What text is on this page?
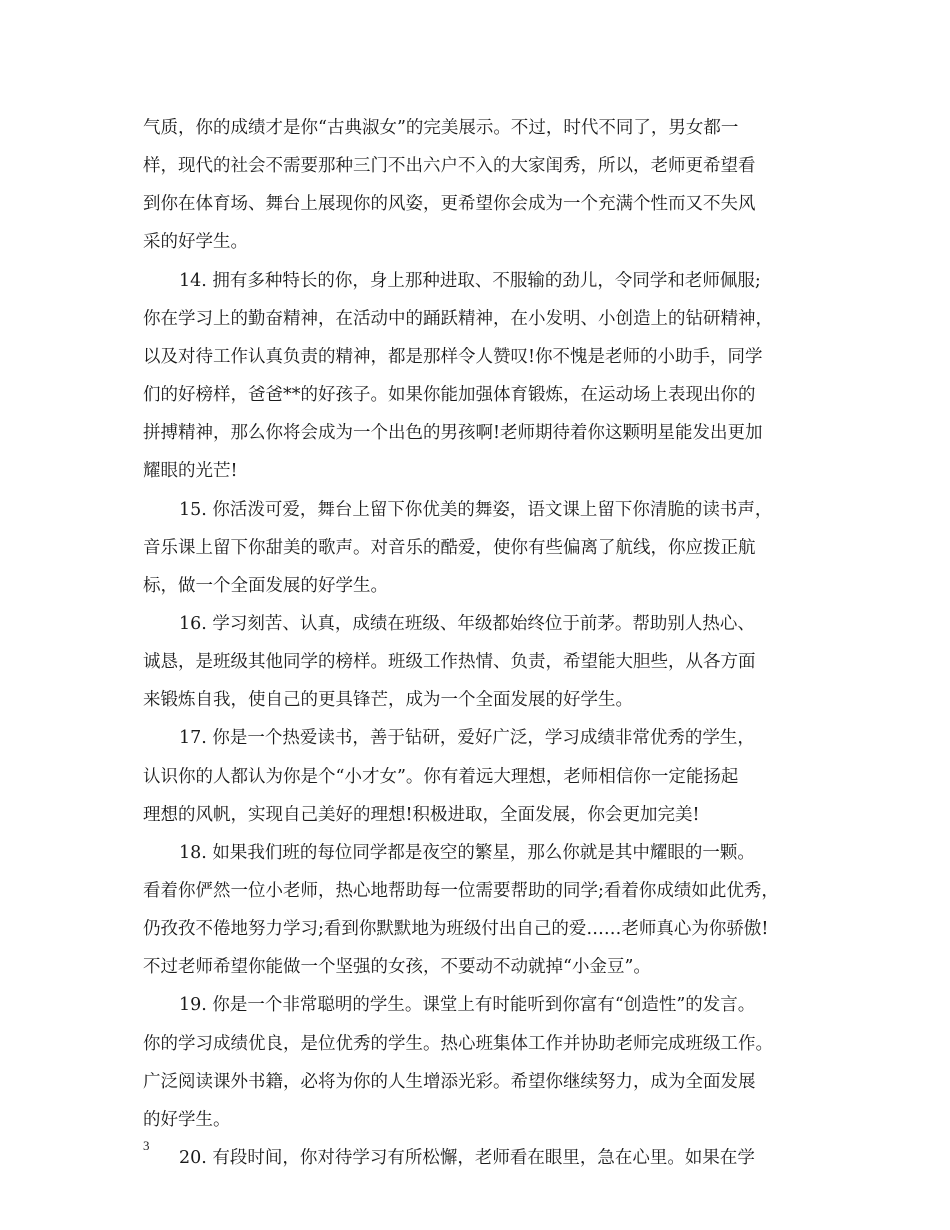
气质，你的成绩才是你“古典淑女”的完美展示。不过，时代不同了，男女都一
样，现代的社会不需要那种三门不出六户不入的大家闺秀，所以，老师更希望看
到你在体育场、舞台上展现你的风姿，更希望你会成为一个充满个性而又不失风
采的好学生。
14. 拥有多种特长的你，身上那种进取、不服输的劲儿，令同学和老师佩服;
你在学习上的勤奋精神，在活动中的踊跃精神，在小发明、小创造上的钻研精神，
以及对待工作认真负责的精神，都是那样令人赞叹!你不愧是老师的小助手，同学
们的好榜样，爸爸**的好孩子。如果你能加强体育锻炼，在运动场上表现出你的
拼搏精神，那么你将会成为一个出色的男孩啊!老师期待着你这颗明星能发出更加
耀眼的光芒!
15. 你活泼可爱，舞台上留下你优美的舞姿，语文课上留下你清脆的读书声，
音乐课上留下你甜美的歌声。对音乐的酷爱，使你有些偏离了航线，你应拨正航
标，做一个全面发展的好学生。
16. 学习刻苦、认真，成绩在班级、年级都始终位于前茅。帮助别人热心、
诚恳，是班级其他同学的榜样。班级工作热情、负责，希望能大胆些，从各方面
来锻炼自我，使自己的更具锋芒，成为一个全面发展的好学生。
17. 你是一个热爱读书，善于钻研，爱好广泛，学习成绩非常优秀的学生，
认识你的人都认为你是个“小才女”。你有着远大理想，老师相信你一定能扬起
理想的风帆，实现自己美好的理想!积极进取，全面发展，你会更加完美!
18. 如果我们班的每位同学都是夜空的繁星，那么你就是其中耀眼的一颗。
看着你俨然一位小老师，热心地帮助每一位需要帮助的同学;看着你成绩如此优秀，
仍孜孜不倦地努力学习;看到你默默地为班级付出自己的爱……老师真心为你骄傲!
不过老师希望你能做一个坚强的女孩，不要动不动就掉“小金豆”。
19. 你是一个非常聪明的学生。课堂上有时能听到你富有“创造性”的发言。
你的学习成绩优良，是位优秀的学生。热心班集体工作并协助老师完成班级工作。
广泛阅读课外书籍，必将为你的人生增添光彩。希望你继续努力，成为全面发展
的好学生。
20. 有段时间，你对待学习有所松懈，老师看在眼里，急在心里。如果在学
3
